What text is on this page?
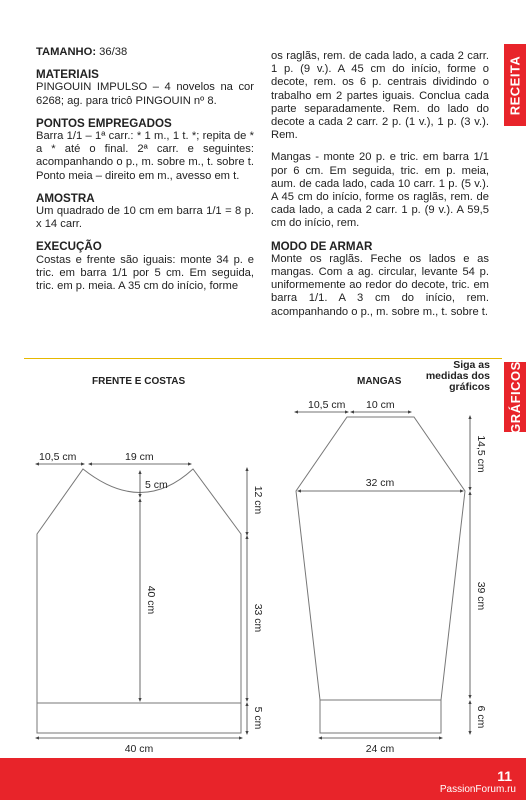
TAMANHO: 36/38

MATERIAIS

PINGOUIN IMPULSO – 4 novelos na cor 6268; ag. para tricô PINGOUIN nº 8.

PONTOS EMPREGADOS

Barra 1/1 – 1ª carr.: * 1 m., 1 t. *; repita de * a * até o final. 2ª carr. e seguintes: acompanhando o p., m. sobre m., t. sobre t. Ponto meia – direito em m., avesso em t.

AMOSTRA

Um quadrado de 10 cm em barra 1/1 = 8 p. x 14 carr.

EXECUÇÃO

Costas e frente são iguais: monte 34 p. e tric. em barra 1/1 por 5 cm. Em seguida, tric. em p. meia. A 35 cm do início, forme

os raglãs, rem. de cada lado, a cada 2 carr. 1 p. (9 v.). A 45 cm do início, forme o decote, rem. os 6 p. centrais dividindo o trabalho em 2 partes iguais. Conclua cada parte separadamente. Rem. do lado do decote a cada 2 carr. 2 p. (1 v.), 1 p. (3 v.). Rem.

Mangas - monte 20 p. e tric. em barra 1/1 por 6 cm. Em seguida, tric. em p. meia, aum. de cada lado, cada 10 carr. 1 p. (5 v.). A 45 cm do início, forme os raglãs, rem. de cada lado, a cada 2 carr. 1 p. (9 v.). A 59,5 cm do início, rem.

MODO DE ARMAR

Monte os raglãs. Feche os lados e as mangas. Com a ag. circular, levante 54 p. uniformemente ao redor do decote, tric. em barra 1/1. A 3 cm do início, rem. acompanhando o p., m. sobre m., t. sobre t.

RECEITA
GRÁFICOS
Siga as medidas dos gráficos
FRENTE E COSTAS	MANGAS
10,5 cm	19 cm
5 cm
40 cm
12 cm
33 cm
5 cm
40 cm
10,5 cm 10 cm
14,5 cm
32 cm
39 cm
6 cm
24 cm
11
PassionForum.ru
